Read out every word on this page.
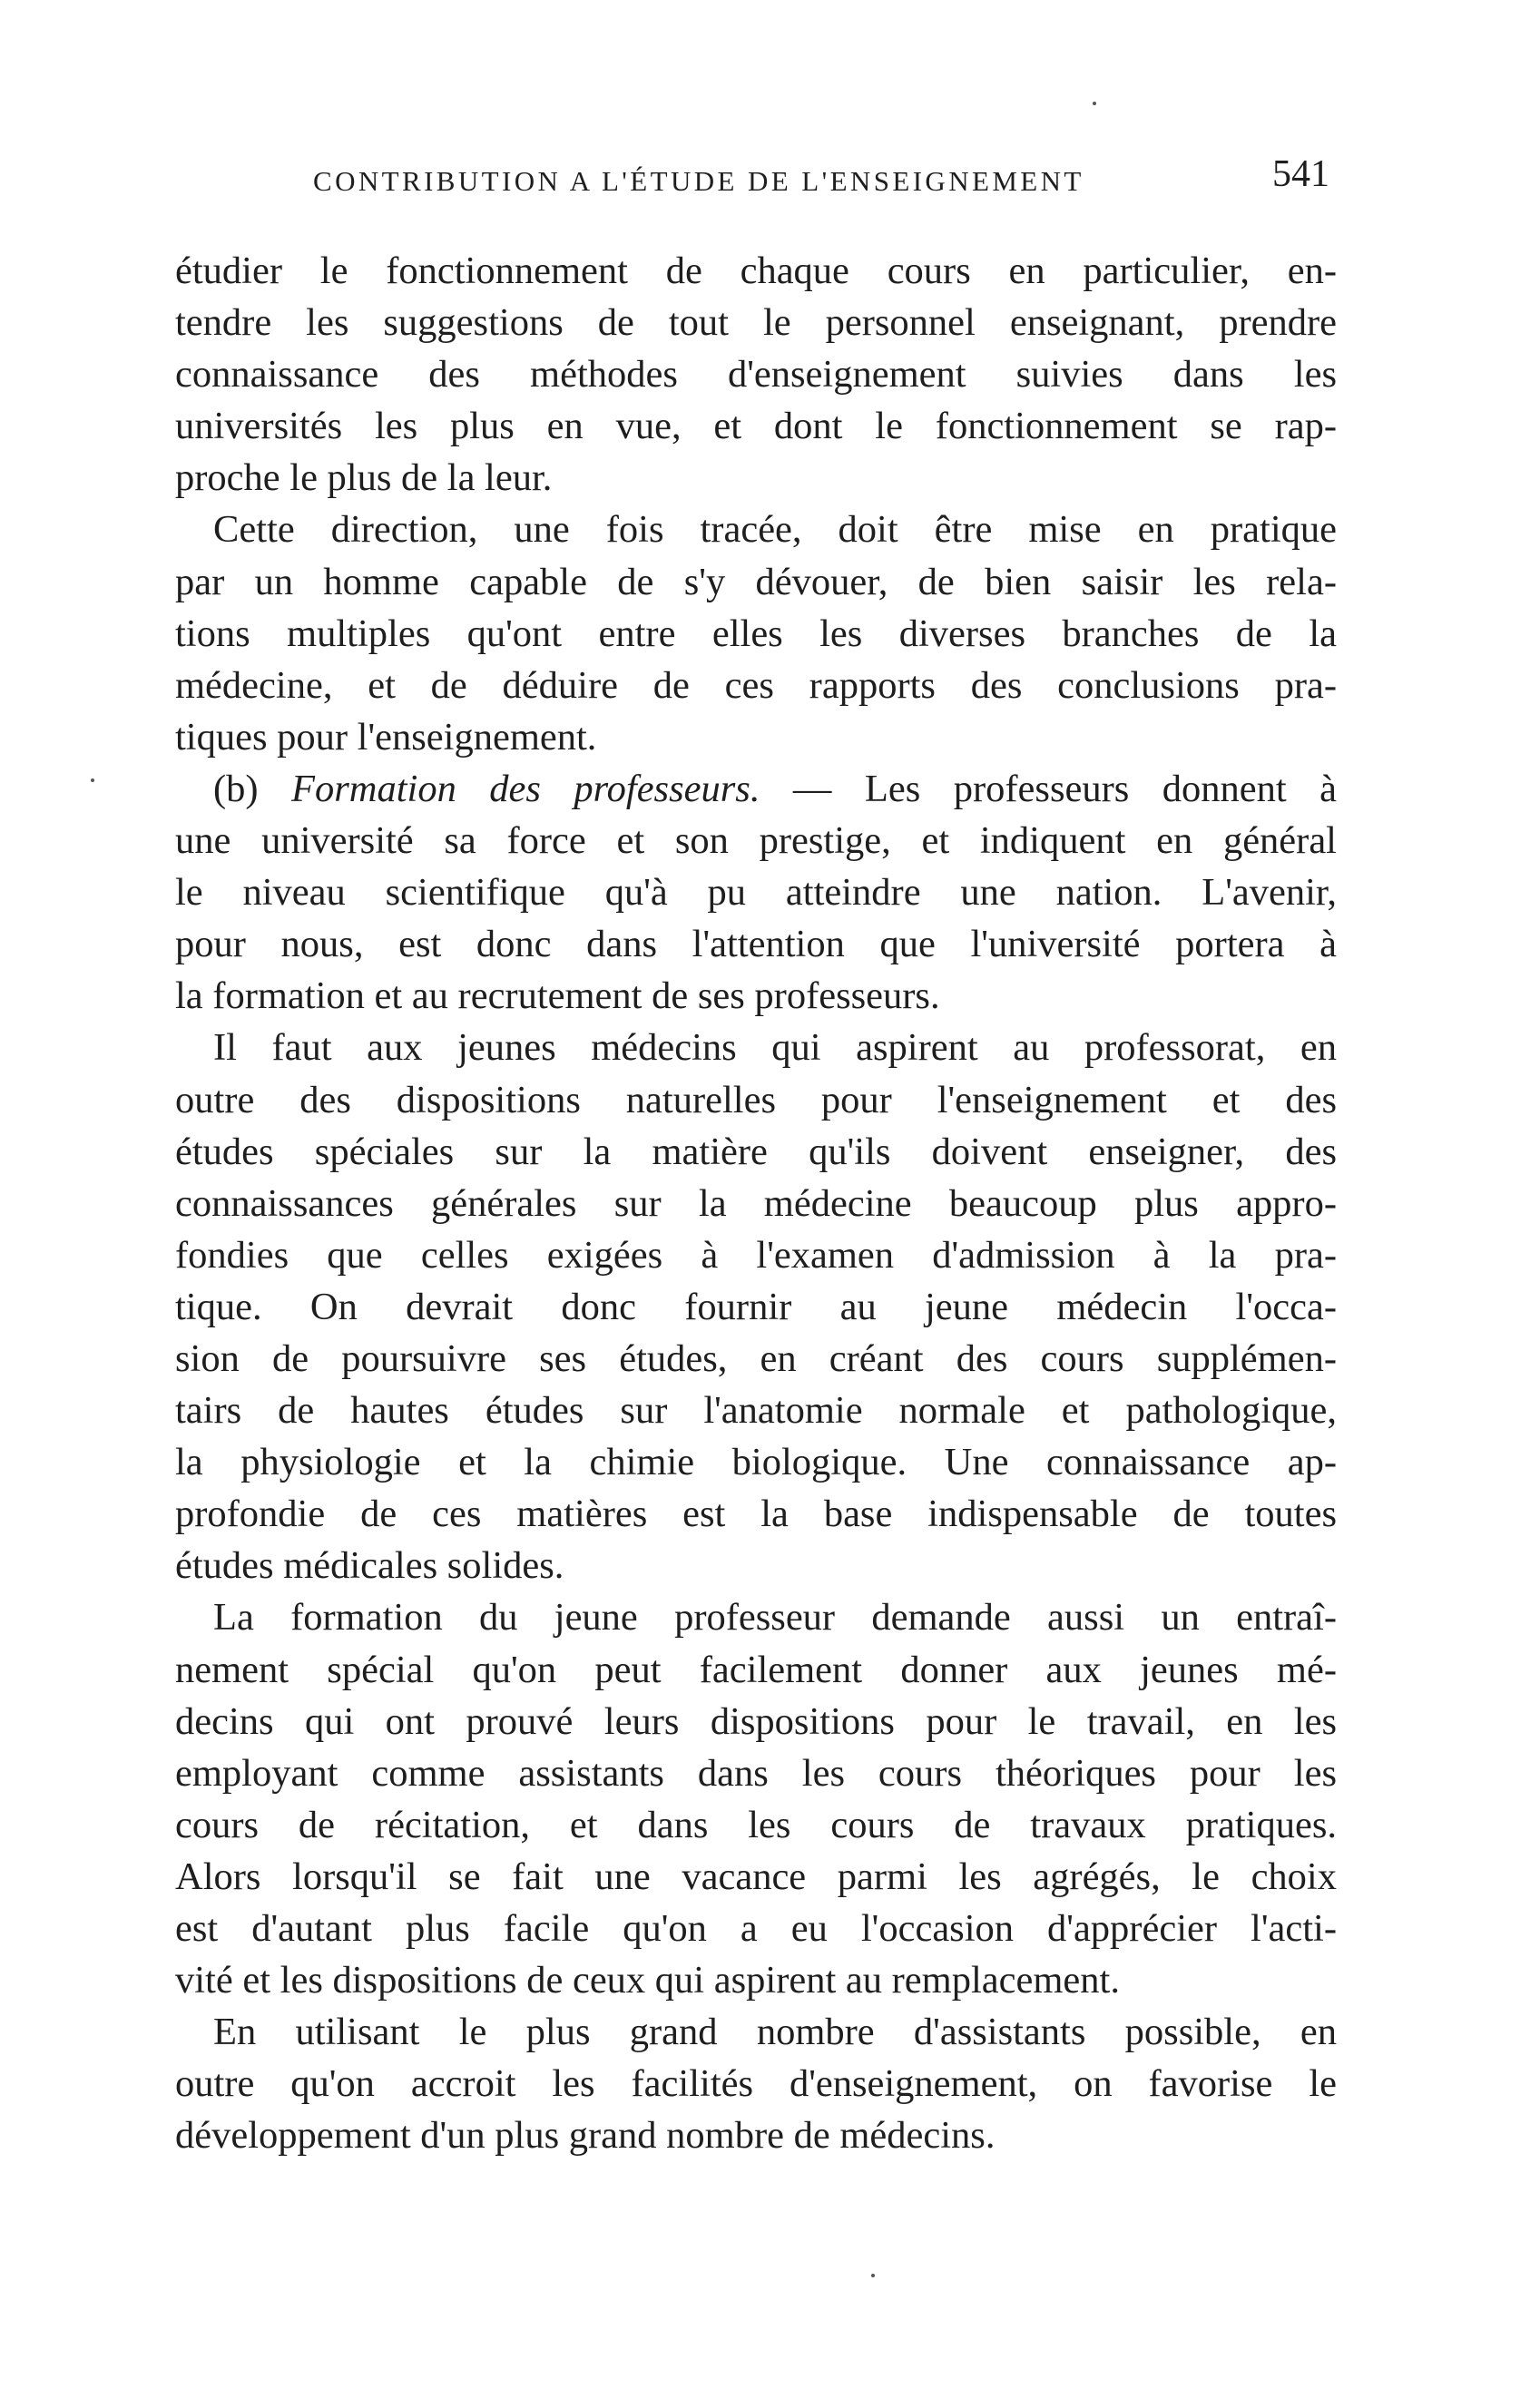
CONTRIBUTION A L'ÉTUDE DE L'ENSEIGNEMENT	541
étudier le fonctionnement de chaque cours en particulier, en-
tendre les suggestions de tout le personnel enseignant, prendre
connaissance des méthodes d'enseignement suivies dans les
universités les plus en vue, et dont le fonctionnement se rap-
proche le plus de la leur.
Cette direction, une fois tracée, doit être mise en pratique
par un homme capable de s'y dévouer, de bien saisir les rela-
tions multiples qu'ont entre elles les diverses branches de la
médecine, et de déduire de ces rapports des conclusions pra-
tiques pour l'enseignement.
(b) Formation des professeurs. — Les professeurs donnent à
une université sa force et son prestige, et indiquent en général
le niveau scientifique qu'à pu atteindre une nation. L'avenir,
pour nous, est donc dans l'attention que l'université portera à
la formation et au recrutement de ses professeurs.
Il faut aux jeunes médecins qui aspirent au professorat, en
outre des dispositions naturelles pour l'enseignement et des
études spéciales sur la matière qu'ils doivent enseigner, des
connaissances générales sur la médecine beaucoup plus appro-
fondies que celles exigées à l'examen d'admission à la pra-
tique. On devrait donc fournir au jeune médecin l'occa-
sion de poursuivre ses études, en créant des cours supplémen-
tairs de hautes études sur l'anatomie normale et pathologique,
la physiologie et la chimie biologique. Une connaissance ap-
profondie de ces matières est la base indispensable de toutes
études médicales solides.
La formation du jeune professeur demande aussi un entraî-
nement spécial qu'on peut facilement donner aux jeunes mé-
decins qui ont prouvé leurs dispositions pour le travail, en les
employant comme assistants dans les cours théoriques pour les
cours de récitation, et dans les cours de travaux pratiques.
Alors lorsqu'il se fait une vacance parmi les agrégés, le choix
est d'autant plus facile qu'on a eu l'occasion d'apprécier l'acti-
vité et les dispositions de ceux qui aspirent au remplacement.
En utilisant le plus grand nombre d'assistants possible, en
outre qu'on accroit les facilités d'enseignement, on favorise le
développement d'un plus grand nombre de médecins.
